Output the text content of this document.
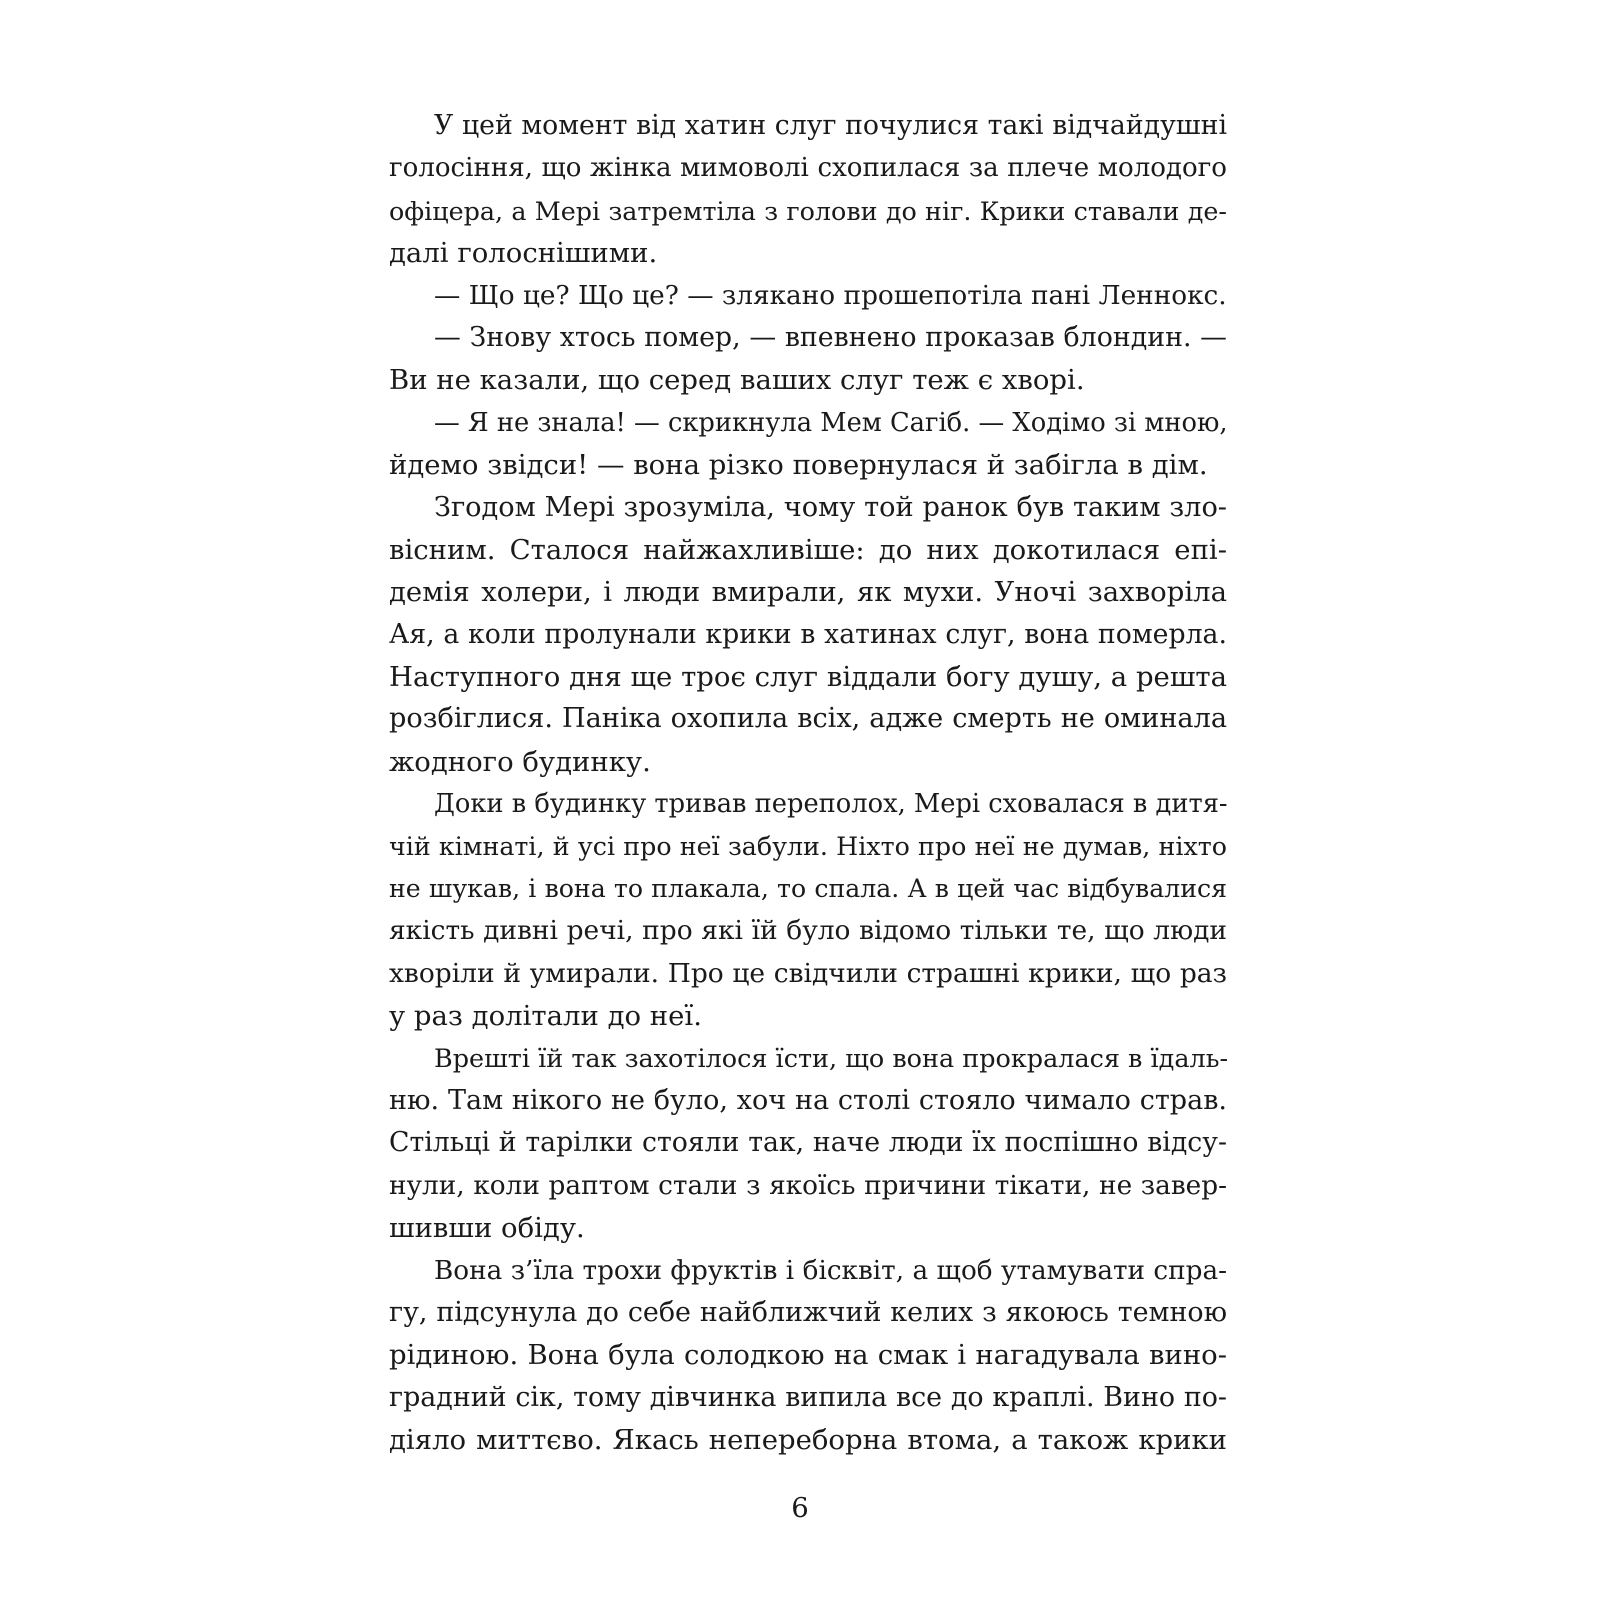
У цей момент від хатин слуг почулися такі відчайдушні
голосіння, що жінка мимоволі схопилася за плече молодого
офіцера, а Мері затремтіла з голови до ніг. Крики ставали де-
далі голоснішими.
— Що це? Що це? — злякано прошепотіла пані Леннокс.
— Знову хтось помер, — впевнено проказав блондин. —
Ви не казали, що серед ваших слуг теж є хворі.
— Я не знала! — скрикнула Мем Сагіб. — Ходімо зі мною,
йдемо звідси! — вона різко повернулася й забігла в дім.
Згодом Мері зрозуміла, чому той ранок був таким зло-
вісним. Сталося найжахливіше: до них докотилася епі-
демія холери, і люди вмирали, як мухи. Уночі захворіла
Ая, а коли пролунали крики в хатинах слуг, вона померла.
Наступного дня ще троє слуг віддали богу душу, а решта
розбіглися. Паніка охопила всіх, адже смерть не оминала
жодного будинку.
Доки в будинку тривав переполох, Мері сховалася в дитя-
чій кімнаті, й усі про неї забули. Ніхто про неї не думав, ніхто
не шукав, і вона то плакала, то спала. А в цей час відбувалися
якість дивні речі, про які їй було відомо тільки те, що люди
хворіли й умирали. Про це свідчили страшні крики, що раз
у раз долітали до неї.
Врешті їй так захотілося їсти, що вона прокралася в їдаль-
ню. Там нікого не було, хоч на столі стояло чимало страв.
Стільці й тарілки стояли так, наче люди їх поспішно відсу-
нули, коли раптом стали з якоїсь причини тікати, не завер-
шивши обіду.
Вона з’їла трохи фруктів і бісквіт, а щоб утамувати спра-
гу, підсунула до себе найближчий келих з якоюсь темною
рідиною. Вона була солодкою на смак і нагадувала вино-
градний сік, тому дівчинка випила все до краплі. Вино по-
діяло миттєво. Якась непереборна втома, а також крики
6
